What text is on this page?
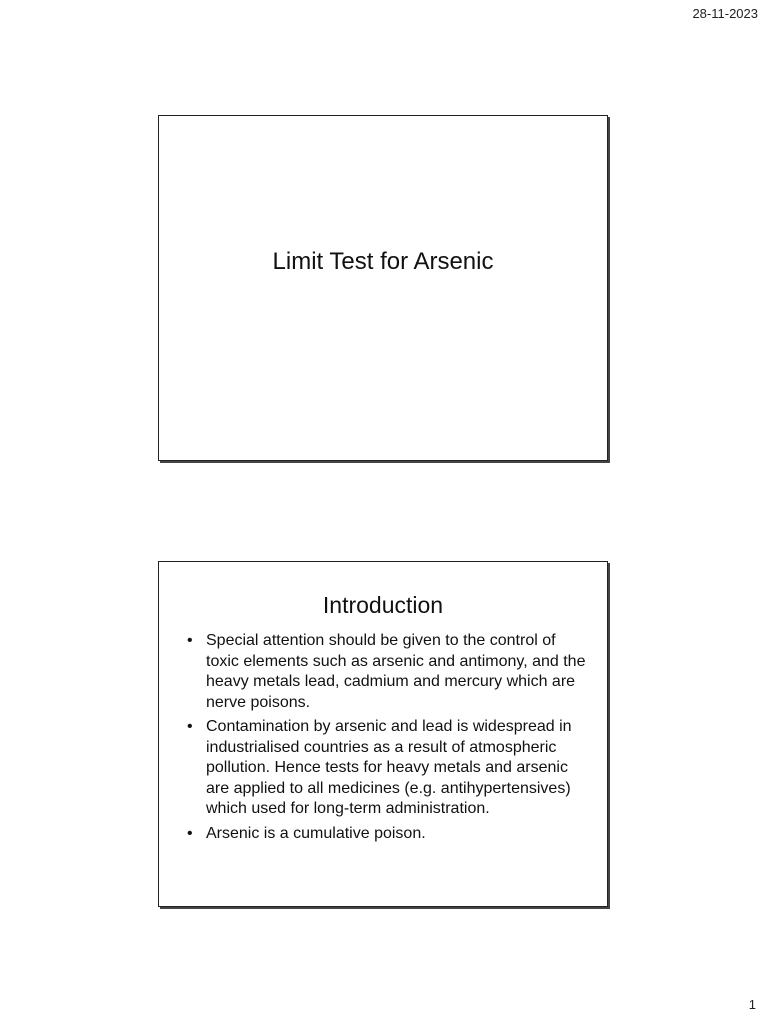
28-11-2023
Limit Test for Arsenic
Introduction
• Special attention should be given to the control of toxic elements such as arsenic and antimony, and the heavy metals lead, cadmium and mercury which are nerve poisons.
• Contamination by arsenic and lead is widespread in industrialised countries as a result of atmospheric pollution. Hence tests for heavy metals and arsenic are applied to all medicines (e.g. antihypertensives) which used for long-term administration.
• Arsenic is a cumulative poison.
1
